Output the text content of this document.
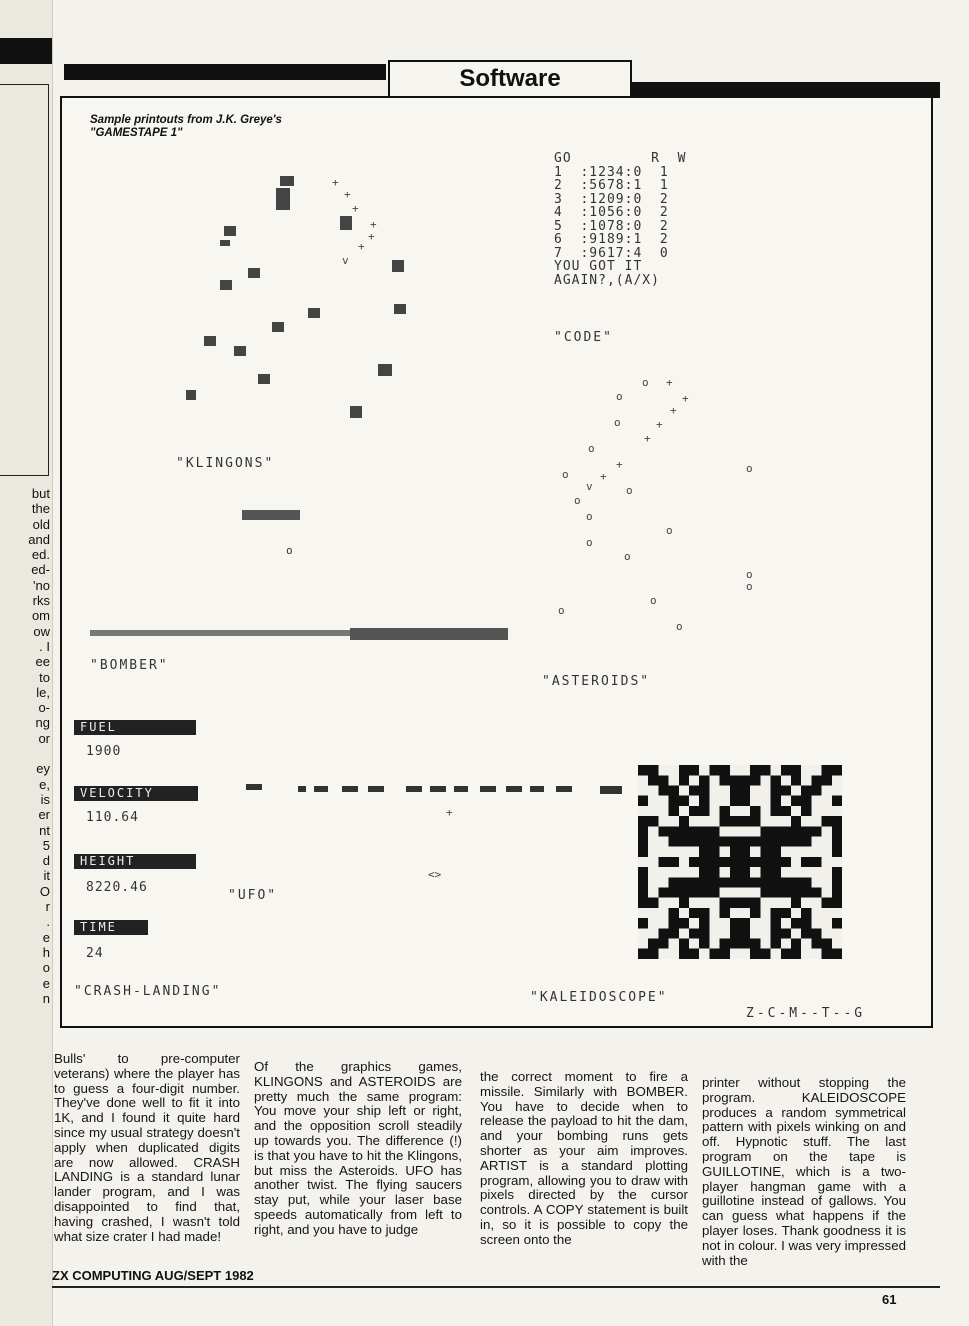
but
the
old
and
ed.
ed-
'no
rks
om
ow
. I
ee
to
le,
o-
ng
or

ey
e,
is
er
nt
5
d
it
O
r
.
e
h
o
e
n
Software
Sample printouts from J.K. Greye's
"GAMESTAPE 1"
+
+
+
+
+
+
v
"KLINGONS"
GO         R  W
1  :1234:0  1
2  :5678:1  1
3  :1209:0  2
4  :1056:0  2
5  :1078:0  2
6  :9189:1  2
7  :9617:4  0
YOU GOT IT
AGAIN?,(A/X)
"CODE"
o
"BOMBER"
o +
o	+
+
o	+
+
o
+	o
o	+
v	o
o
o
o
o
o
o
o
o
o
o
"ASTEROIDS"
FUEL
1900
VELOCITY
110.64
HEIGHT
8220.46
TIME
24
"CRASH-LANDING"
+
<>
"UFO"
"KALEIDOSCOPE"
Z-C-M--T--G

Bulls' to pre-computer veterans) where the player has to guess a four-digit number. They've done well to fit it into 1K, and I found it quite hard since my usual strategy doesn't apply when duplicated digits are now allowed. CRASH LANDING is a standard lunar lander program, and I was disappointed to find that, having crashed, I wasn't told what size crater I had made!

Of the graphics games, KLINGONS and ASTEROIDS are pretty much the same program: You move your ship left or right, and the opposition scroll steadily up towards you. The difference (!) is that you have to hit the Klingons, but miss the Asteroids. UFO has another twist. The flying saucers stay put, while your laser base speeds automatically from left to right, and you have to judge

the correct moment to fire a missile. Similarly with BOMBER. You have to decide when to release the payload to hit the dam, and your bombing runs gets shorter as your aim improves. ARTIST is a standard plotting program, allowing you to draw with pixels directed by the cursor controls. A COPY statement is built in, so it is possible to copy the screen onto the

printer without stopping the program. KALEIDOSCOPE produces a random symmetrical pattern with pixels winking on and off. Hypnotic stuff. The last program on the tape is GUILLOTINE, which is a two-player hangman game with a guillotine instead of gallows. You can guess what happens if the player loses. Thank goodness it is not in colour. I was very impressed with the

ZX COMPUTING AUG/SEPT 1982
61
